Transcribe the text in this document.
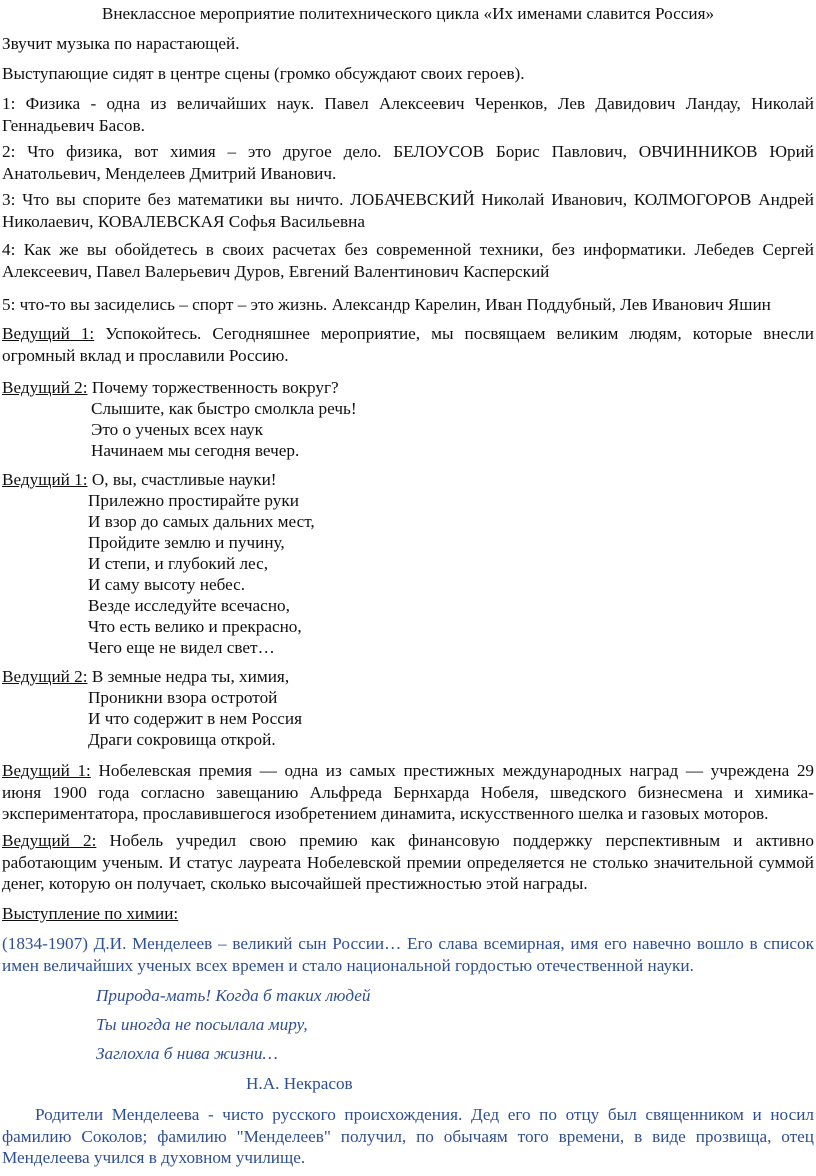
Внеклассное мероприятие политехнического цикла «Их именами славится Россия»
Звучит музыка по нарастающей.
Выступающие сидят в центре сцены (громко обсуждают своих героев).
1: Физика - одна из величайших наук. Павел Алексеевич Черенков, Лев Давидович Ландау, Николай Геннадьевич Басов.
2: Что физика, вот химия – это другое дело. БЕЛОУСОВ Борис Павлович, ОВЧИННИКОВ Юрий Анатольевич, Менделеев Дмитрий Иванович.
3: Что вы спорите без математики вы ничто. ЛОБАЧЕВСКИЙ Николай Иванович, КОЛМОГОРОВ Андрей Николаевич, КОВАЛЕВСКАЯ Софья Васильевна
4: Как же вы обойдетесь в своих расчетах без современной техники, без информатики. Лебедев Сергей Алексеевич, Павел Валерьевич Дуров, Евгений Валентинович Касперский
5: что-то вы засиделись – спорт – это жизнь. Александр Карелин, Иван Поддубный, Лев Иванович Яшин
Ведущий 1: Успокойтесь. Сегодняшнее мероприятие, мы посвящаем великим людям, которые внесли огромный вклад и прославили Россию.
Ведущий 2: Почему торжественность вокруг?
Слышите, как быстро смолкла речь!
Это о ученых всех наук
Начинаем мы сегодня вечер.
Ведущий 1: О, вы, счастливые науки!
Прилежно простирайте руки
И взор до самых дальних мест,
Пройдите землю и пучину,
И степи, и глубокий лес,
И саму высоту небес.
Везде исследуйте всечасно,
Что есть велико и прекрасно,
Чего еще не видел свет…
Ведущий 2: В земные недра ты, химия,
Проникни взора остротой
И что содержит в нем Россия
Драги сокровища открой.
Ведущий 1: Нобелевская премия — одна из самых престижных международных наград — учреждена 29 июня 1900 года согласно завещанию Альфреда Бернхарда Нобеля, шведского бизнесмена и химика-экспериментатора, прославившегося изобретением динамита, искусственного шелка и газовых моторов.
Ведущий 2: Нобель учредил свою премию как финансовую поддержку перспективным и активно работающим ученым. И статус лауреата Нобелевской премии определяется не столько значительной суммой денег, которую он получает, сколько высочайшей престижностью этой награды.
Выступление по химии:
(1834-1907) Д.И. Менделеев – великий сын России… Его слава всемирная, имя его навечно вошло в список имен величайших ученых всех времен и стало национальной гордостью отечественной науки.
Природа-мать! Когда б таких людей
Ты иногда не посылала миру,
Заглохла б нива жизни…
Н.А. Некрасов
Родители Менделеева - чисто русского происхождения. Дед его по отцу был священником и носил фамилию Соколов; фамилию "Менделеев" получил, по обычаям того времени, в виде прозвища, отец Менделеева учился в духовном училище.
